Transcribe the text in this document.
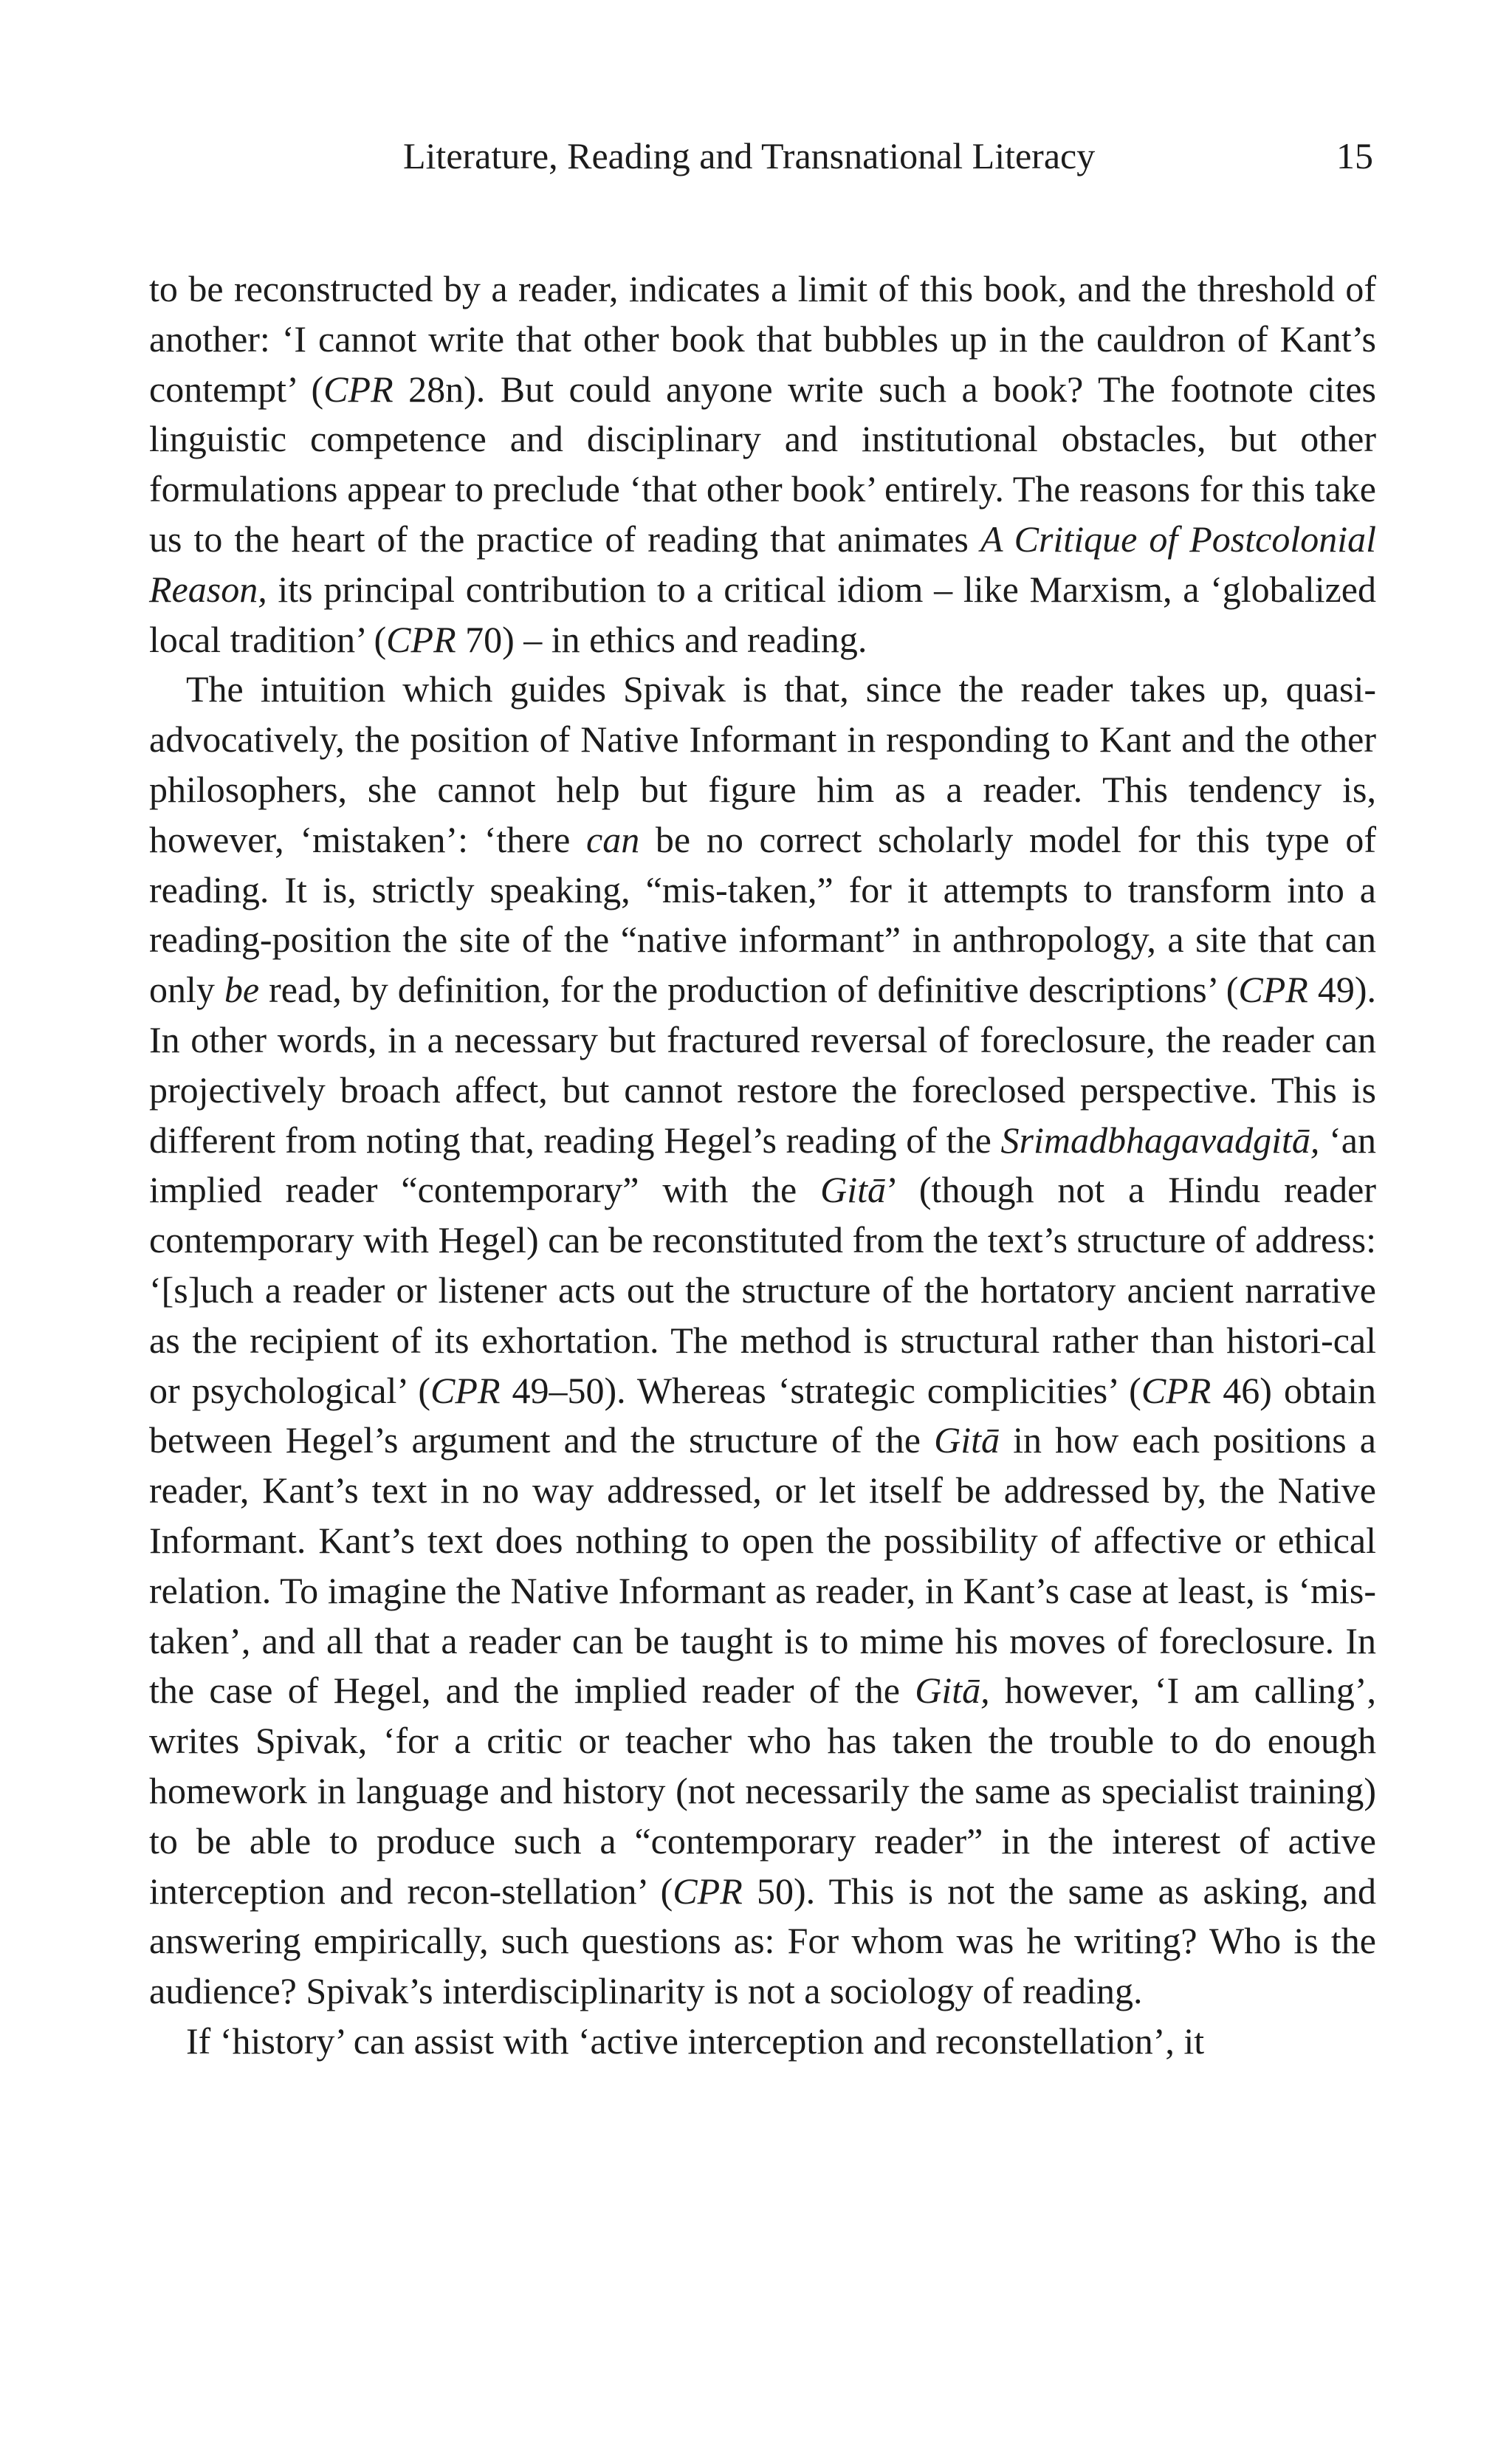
Literature, Reading and Transnational Literacy	15

to be reconstructed by a reader, indicates a limit of this book, and the threshold of another: ‘I cannot write that other book that bubbles up in the cauldron of Kant’s contempt’ (CPR 28n). But could anyone write such a book? The footnote cites linguistic competence and disciplinary and institutional obstacles, but other formulations appear to preclude ‘that other book’ entirely. The reasons for this take us to the heart of the practice of reading that animates A Critique of Postcolonial Reason, its principal contribution to a critical idiom – like Marxism, a ‘globalized local tradition’ (CPR 70) – in ethics and reading.

The intuition which guides Spivak is that, since the reader takes up, quasi-advocatively, the position of Native Informant in responding to Kant and the other philosophers, she cannot help but figure him as a reader. This tendency is, however, ‘mistaken’: ‘there can be no correct scholarly model for this type of reading. It is, strictly speaking, “mis-taken,” for it attempts to transform into a reading-position the site of the “native informant” in anthropology, a site that can only be read, by definition, for the production of definitive descriptions’ (CPR 49). In other words, in a necessary but fractured reversal of foreclosure, the reader can projectively broach affect, but cannot restore the foreclosed perspective. This is different from noting that, reading Hegel’s reading of the Srimadbhagavadgitā, ‘an implied reader “contemporary” with the Gitā’ (though not a Hindu reader contemporary with Hegel) can be reconstituted from the text’s structure of address: ‘[s]uch a reader or listener acts out the structure of the hortatory ancient narrative as the recipient of its exhortation. The method is structural rather than histori-cal or psychological’ (CPR 49–50). Whereas ‘strategic complicities’ (CPR 46) obtain between Hegel’s argument and the structure of the Gitā in how each positions a reader, Kant’s text in no way addressed, or let itself be addressed by, the Native Informant. Kant’s text does nothing to open the possibility of affective or ethical relation. To imagine the Native Informant as reader, in Kant’s case at least, is ‘mis-taken’, and all that a reader can be taught is to mime his moves of foreclosure. In the case of Hegel, and the implied reader of the Gitā, however, ‘I am calling’, writes Spivak, ‘for a critic or teacher who has taken the trouble to do enough homework in language and history (not necessarily the same as specialist training) to be able to produce such a “contemporary reader” in the interest of active interception and recon-stellation’ (CPR 50). This is not the same as asking, and answering empirically, such questions as: For whom was he writing? Who is the audience? Spivak’s interdisciplinarity is not a sociology of reading.

If ‘history’ can assist with ‘active interception and reconstellation’, it
